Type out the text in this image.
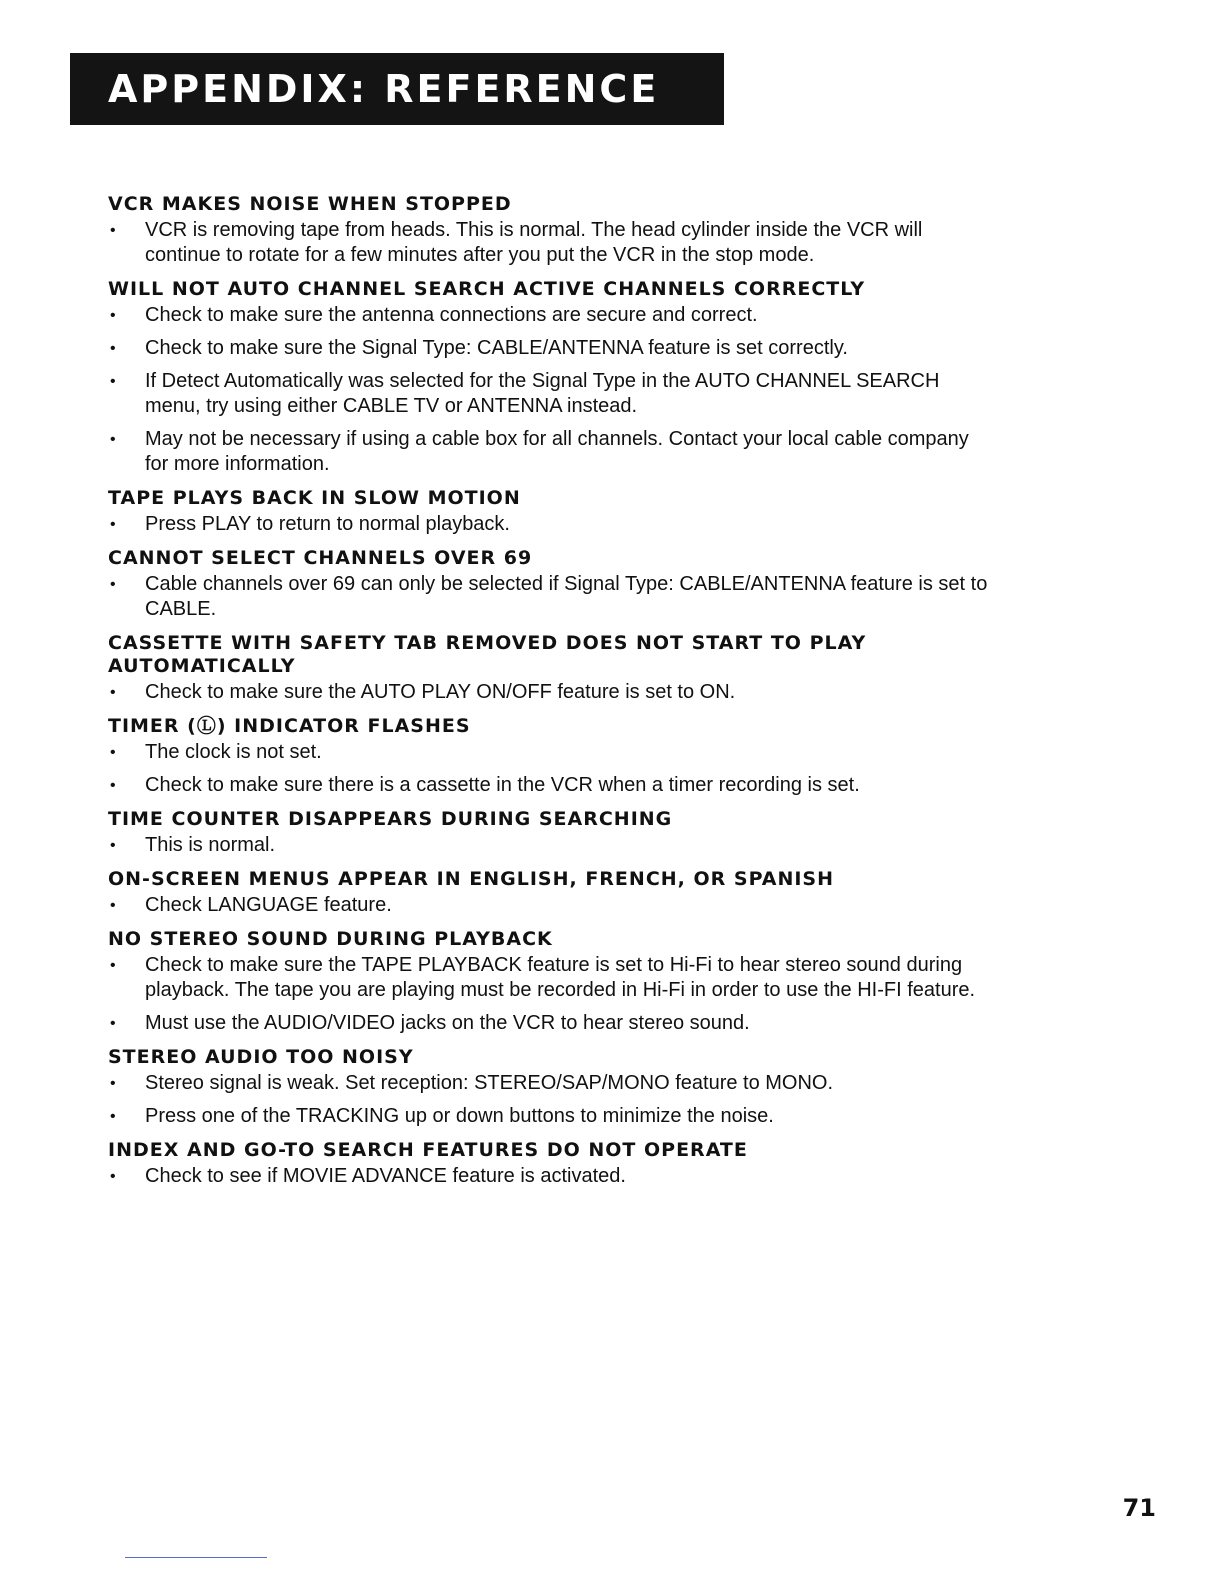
APPENDIX: REFERENCE
VCR MAKES NOISE WHEN STOPPED
• VCR is removing tape from heads. This is normal. The head cylinder inside the VCR will continue to rotate for a few minutes after you put the VCR in the stop mode.
WILL NOT AUTO CHANNEL SEARCH ACTIVE CHANNELS CORRECTLY
• Check to make sure the antenna connections are secure and correct.
• Check to make sure the Signal Type: CABLE/ANTENNA feature is set correctly.
• If Detect Automatically was selected for the Signal Type in the AUTO CHANNEL SEARCH menu, try using either CABLE TV or ANTENNA instead.
• May not be necessary if using a cable box for all channels. Contact your local cable company for more information.
TAPE PLAYS BACK IN SLOW MOTION
• Press PLAY to return to normal playback.
CANNOT SELECT CHANNELS OVER 69
• Cable channels over 69 can only be selected if Signal Type: CABLE/ANTENNA feature is set to CABLE.
CASSETTE WITH SAFETY TAB REMOVED DOES NOT START TO PLAY AUTOMATICALLY
• Check to make sure the AUTO PLAY ON/OFF feature is set to ON.
TIMER (Ⓛ) INDICATOR FLASHES
• The clock is not set.
• Check to make sure there is a cassette in the VCR when a timer recording is set.
TIME COUNTER DISAPPEARS DURING SEARCHING
• This is normal.
ON-SCREEN MENUS APPEAR IN ENGLISH, FRENCH, OR SPANISH
• Check LANGUAGE feature.
NO STEREO SOUND DURING PLAYBACK
• Check to make sure the TAPE PLAYBACK feature is set to Hi-Fi to hear stereo sound during playback. The tape you are playing must be recorded in Hi-Fi in order to use the HI-FI feature.
• Must use the AUDIO/VIDEO jacks on the VCR to hear stereo sound.
STEREO AUDIO TOO NOISY
• Stereo signal is weak. Set reception: STEREO/SAP/MONO feature to MONO.
• Press one of the TRACKING up or down buttons to minimize the noise.
INDEX AND GO-TO SEARCH FEATURES DO NOT OPERATE
• Check to see if MOVIE ADVANCE feature is activated.
71
